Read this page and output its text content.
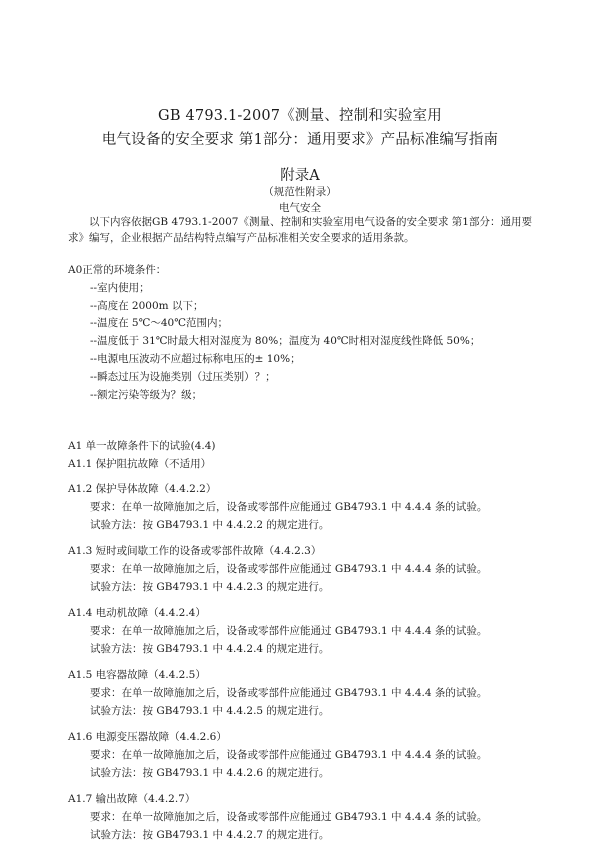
GB 4793.1-2007《测量、控制和实验室用
电气设备的安全要求 第1部分：通用要求》产品标准编写指南
附录A
（规范性附录）
电气安全
以下内容依据GB 4793.1-2007《测量、控制和实验室用电气设备的安全要求 第1部分：通用要求》编写，企业根据产品结构特点编写产品标准相关安全要求的适用条款。
A0正常的环境条件：
--室内使用；
--高度在 2000m 以下；
--温度在 5℃～40℃范围内；
--温度低于 31℃时最大相对湿度为 80%；温度为 40℃时相对湿度线性降低 50%；
--电源电压波动不应超过标称电压的± 10%；
--瞬态过压为设施类别（过压类别）？；
--额定污染等级为？级；
A1 单一故障条件下的试验(4.4)
A1.1 保护阻抗故障（不适用）
A1.2 保护导体故障（4.4.2.2）
要求：在单一故障施加之后，设备或零部件应能通过 GB4793.1 中 4.4.4 条的试验。
试验方法：按 GB4793.1 中 4.4.2.2 的规定进行。
A1.3 短时或间歇工作的设备或零部件故障（4.4.2.3）
要求：在单一故障施加之后，设备或零部件应能通过 GB4793.1 中 4.4.4 条的试验。
试验方法：按 GB4793.1 中 4.4.2.3 的规定进行。
A1.4 电动机故障（4.4.2.4）
要求：在单一故障施加之后，设备或零部件应能通过 GB4793.1 中 4.4.4 条的试验。
试验方法：按 GB4793.1 中 4.4.2.4 的规定进行。
A1.5 电容器故障（4.4.2.5）
要求：在单一故障施加之后，设备或零部件应能通过 GB4793.1 中 4.4.4 条的试验。
试验方法：按 GB4793.1 中 4.4.2.5 的规定进行。
A1.6 电源变压器故障（4.4.2.6）
要求：在单一故障施加之后，设备或零部件应能通过 GB4793.1 中 4.4.4 条的试验。
试验方法：按 GB4793.1 中 4.4.2.6 的规定进行。
A1.7 输出故障（4.4.2.7）
要求：在单一故障施加之后，设备或零部件应能通过 GB4793.1 中 4.4.4 条的试验。
试验方法：按 GB4793.1 中 4.4.2.7 的规定进行。
